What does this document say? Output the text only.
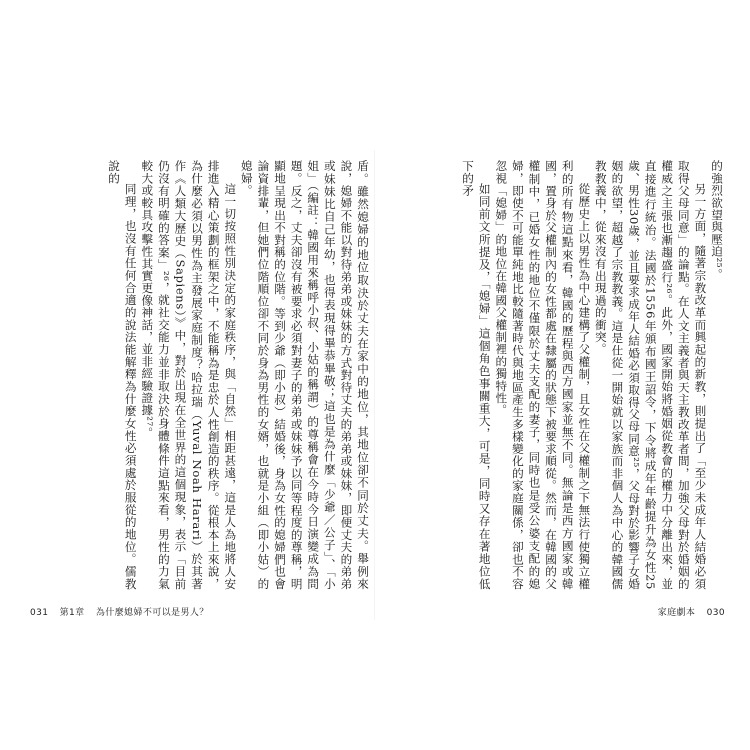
盾。雖然媳婦的地位取決於丈夫在家中的地位，其地位卻不同於丈夫。舉例來說，媳婦不能以對待弟弟或妹妹的方式對待丈夫的弟弟或妹妹，即便丈夫的弟弟或妹妹比自己年幼，也得表現得畢恭畢敬；這也是為什麼「少爺／公子」、「小姐」（編註：韓國用來稱呼小叔、小姑的稱謂）的尊稱會在今時今日演變成為問題。反之，丈夫卻沒有被要求必須對妻子的弟弟或妹妹予以同等程度的尊稱，明顯地呈現出不對稱的位階。等到少爺（即小叔）結婚後，身為女性的媳婦們也會論資排輩，但她們位階順位卻不同於身為男性的女婿，也就是小組（即小姑）的媳婦。

這一切按照性別決定的家庭秩序，與「自然」相距甚遠，這是人為地將人安排進入精心策劃的框架之中，不能稱為是忠於人性創造的秩序。從根本上來說，為什麼必須以男性為主發展家庭制度？哈拉瑞（Yuval Noah Harari）於其著作《人類大歷史（Sapiens）》中，對於出現在全世界的這個現象，表示「目前仍沒有明確的答案」²⁶，就社交能力並非取決於身體條件這點來看，男性的力氣較大或較具攻擊性其實更像神話，並非經驗證據²⁷。

同理，也沒有任何合適的說法能解釋為什麼女性必須處於服從的地位。儒教說的

031 第1章 為什麼媳婦不可以是男人？

的強烈欲望與壓迫²⁵。

另一方面，隨著宗教改革而興起的新教，則提出了「至少未成年人結婚必須取得父母同意」的論點。在人文主義者與天主教改革者間，加強父母對於婚姻的權威之主張也漸趨盛行²⁶。此外，國家開始將婚姻從教會的權力中分離出來，並直接進行統治。法國於1556年頒布國王詔令，下令將成年年齡提升為女性25歲、男性30歲，並且要求成年人結婚必須取得父母同意²⁵，父母對於影響子女婚姻的欲望，超越了宗教教義。這是仕從一開始就以家族而非個人為中心的韓國儒教教義中，從來沒有出現過的衝突。

從歷史上以男性為中心建構了父權制，且女性在父權制之下無法行使獨立權利的所有物這點來看，韓國的歷程與西方國家並無不同。無論是西方國家或韓國，置身於父權制內的女性都處在隸屬的狀態下被要求順從。然而，在韓國的父權制中，已婚女性的地位不僅限於丈夫支配的妻子，同時也是受公婆支配的媳婦，即使不可能單純地比較隨著時代與地區產生多樣變化的家庭關係，卻也不容忽視「媳婦」的地位在韓國父權制裡的獨特性。

如同前文所提及，「媳婦」這個角色事關重大，可是，同時又存在著地位低下的矛

家庭劇本 030
